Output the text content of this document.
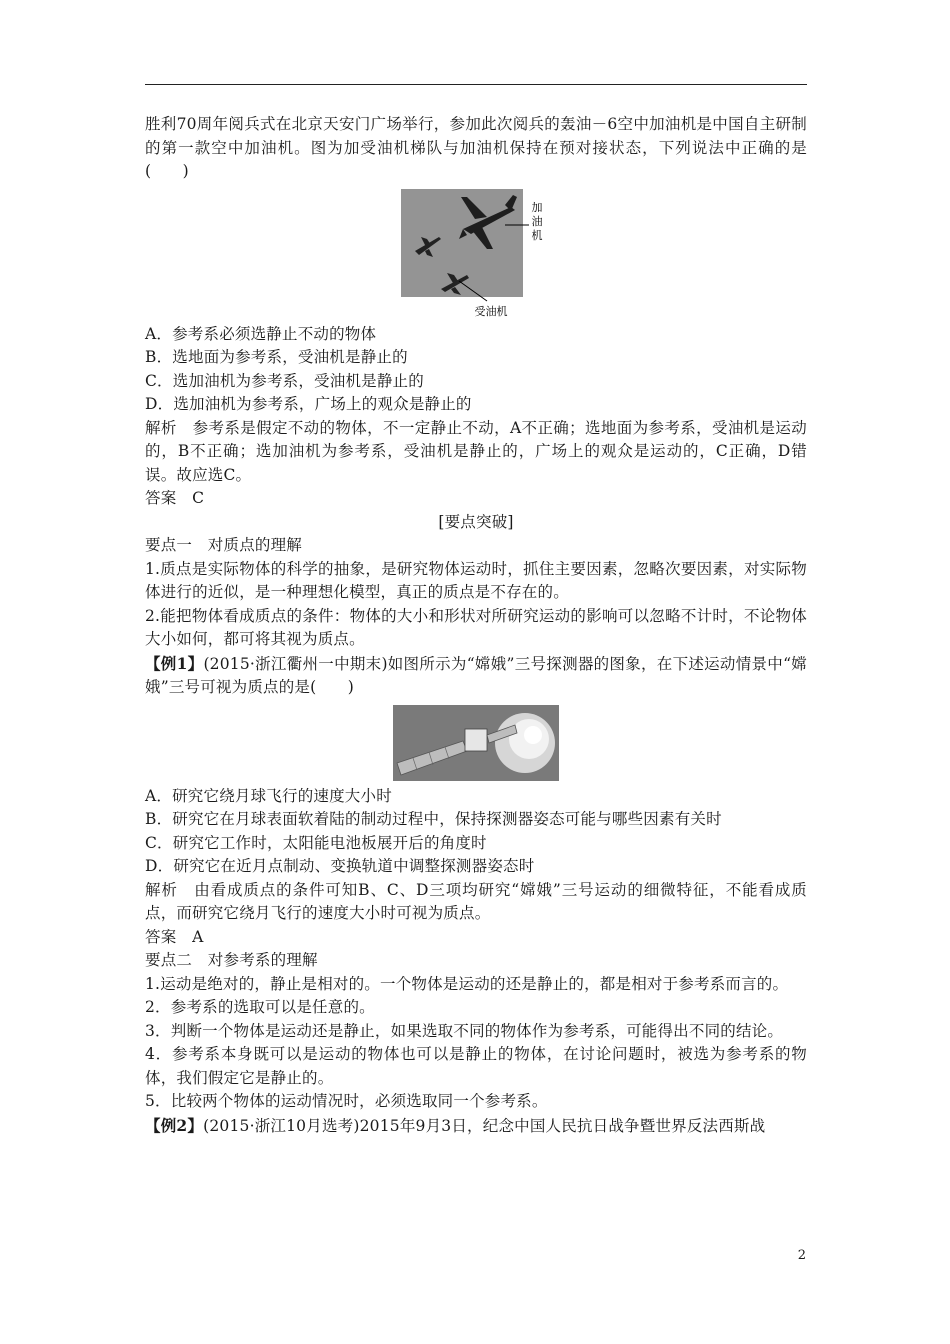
胜利70周年阅兵式在北京天安门广场举行，参加此次阅兵的轰油－6空中加油机是中国自主研制的第一款空中加油机。图为加受油机梯队与加油机保持在预对接状态，下列说法中正确的是(　　)

加
油
机
受油机

A．参考系必须选静止不动的物体

B．选地面为参考系，受油机是静止的

C．选加油机为参考系，受油机是静止的

D．选加油机为参考系，广场上的观众是静止的

解析　参考系是假定不动的物体，不一定静止不动，A不正确；选地面为参考系，受油机是运动的，B不正确；选加油机为参考系，受油机是静止的，广场上的观众是运动的，C正确，D错误。故应选C。

答案　C

[要点突破]

要点一　对质点的理解

1.质点是实际物体的科学的抽象，是研究物体运动时，抓住主要因素，忽略次要因素，对实际物体进行的近似，是一种理想化模型，真正的质点是不存在的。

2.能把物体看成质点的条件：物体的大小和形状对所研究运动的影响可以忽略不计时，不论物体大小如何，都可将其视为质点。

【例1】(2015·浙江衢州一中期末)如图所示为“嫦娥”三号探测器的图象，在下述运动情景中“嫦娥”三号可视为质点的是(　　)

A．研究它绕月球飞行的速度大小时

B．研究它在月球表面软着陆的制动过程中，保持探测器姿态可能与哪些因素有关时

C．研究它工作时，太阳能电池板展开后的角度时

D．研究它在近月点制动、变换轨道中调整探测器姿态时

解析　由看成质点的条件可知B、C、D三项均研究“嫦娥”三号运动的细微特征，不能看成质点，而研究它绕月飞行的速度大小时可视为质点。

答案　A

要点二　对参考系的理解

1.运动是绝对的，静止是相对的。一个物体是运动的还是静止的，都是相对于参考系而言的。

2．参考系的选取可以是任意的。

3．判断一个物体是运动还是静止，如果选取不同的物体作为参考系，可能得出不同的结论。

4．参考系本身既可以是运动的物体也可以是静止的物体，在讨论问题时，被选为参考系的物体，我们假定它是静止的。

5．比较两个物体的运动情况时，必须选取同一个参考系。

【例2】(2015·浙江10月选考)2015年9月3日，纪念中国人民抗日战争暨世界反法西斯战

2
